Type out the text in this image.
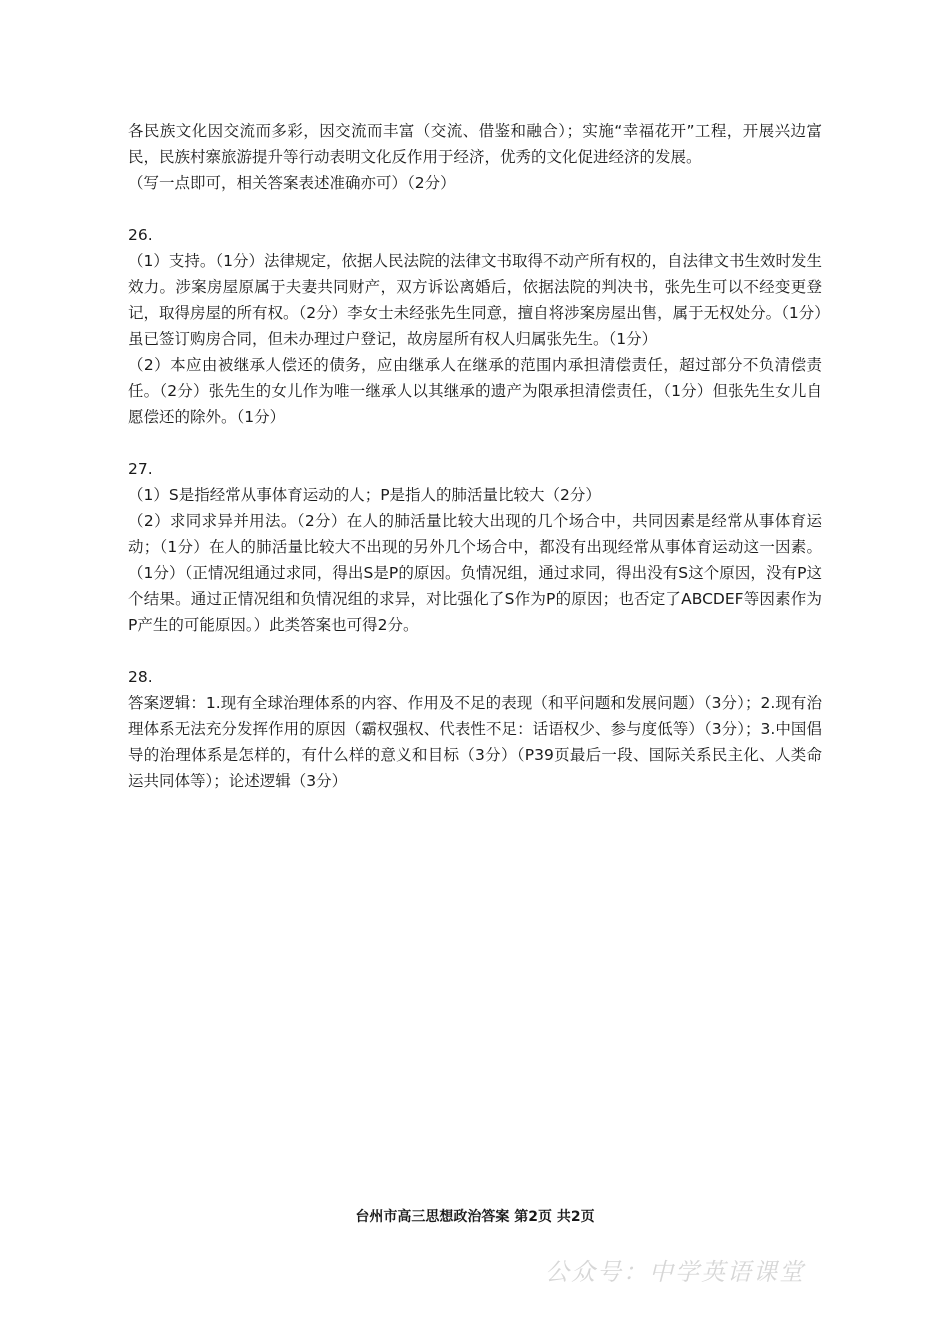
各民族文化因交流而多彩，因交流而丰富（交流、借鉴和融合）；实施“幸福花开”工程，开展兴边富民，民族村寨旅游提升等行动表明文化反作用于经济，优秀的文化促进经济的发展。

（写一点即可，相关答案表述准确亦可）（2分）

26.

（1）支持。（1分）法律规定，依据人民法院的法律文书取得不动产所有权的，自法律文书生效时发生效力。涉案房屋原属于夫妻共同财产，双方诉讼离婚后，依据法院的判决书，张先生可以不经变更登记，取得房屋的所有权。（2分）李女士未经张先生同意，擅自将涉案房屋出售，属于无权处分。（1分）虽已签订购房合同，但未办理过户登记，故房屋所有权人归属张先生。（1分）

（2）本应由被继承人偿还的债务，应由继承人在继承的范围内承担清偿责任，超过部分不负清偿责任。（2分）张先生的女儿作为唯一继承人以其继承的遗产为限承担清偿责任，（1分）但张先生女儿自愿偿还的除外。（1分）

27.

（1）S是指经常从事体育运动的人；P是指人的肺活量比较大（2分）

（2）求同求异并用法。（2分）在人的肺活量比较大出现的几个场合中，共同因素是经常从事体育运动；（1分）在人的肺活量比较大不出现的另外几个场合中，都没有出现经常从事体育运动这一因素。（1分）（正情况组通过求同，得出S是P的原因。负情况组，通过求同，得出没有S这个原因，没有P这个结果。通过正情况组和负情况组的求异，对比强化了S作为P的原因；也否定了ABCDEF等因素作为P产生的可能原因。）此类答案也可得2分。

28.

答案逻辑：1.现有全球治理体系的内容、作用及不足的表现（和平问题和发展问题）（3分）；2.现有治理体系无法充分发挥作用的原因（霸权强权、代表性不足：话语权少、参与度低等）（3分）；3.中国倡导的治理体系是怎样的，有什么样的意义和目标（3分）（P39页最后一段、国际关系民主化、人类命运共同体等）；论述逻辑（3分）

台州市高三思想政治答案 第2页 共2页
公众号：中学英语课堂
